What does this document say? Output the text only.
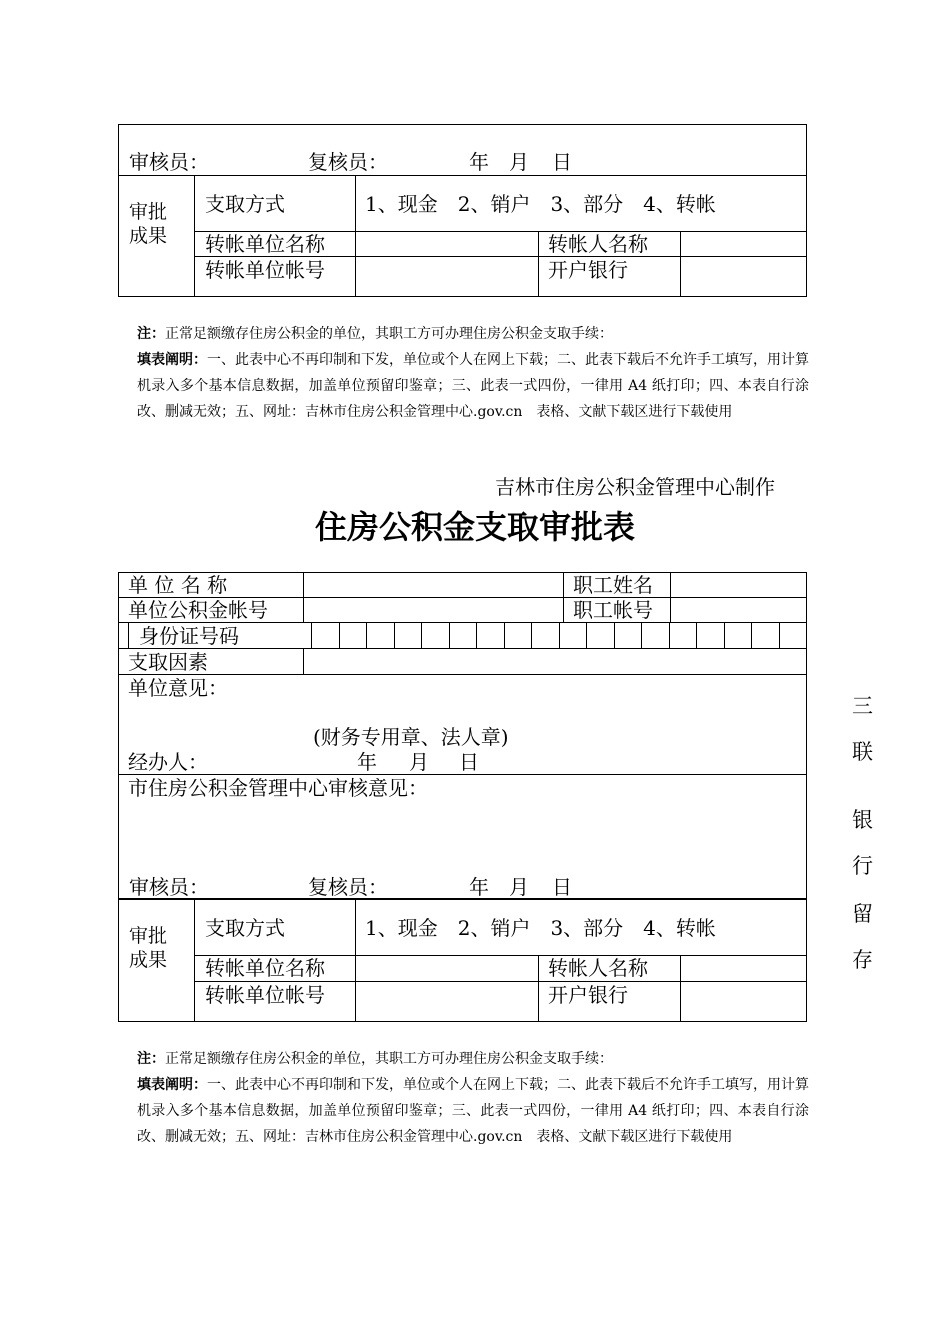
审核员：	复核员：	年 月 日
审批
成果
支取方式	1、现金　2、销户　3、部分　4、转帐
转帐单位名称	转帐人名称
转帐单位帐号	开户银行
注：正常足额缴存住房公积金的单位，其职工方可办理住房公积金支取手续：
填表阐明：一、此表中心不再印制和下发，单位或个人在网上下载；二、此表下载后不允许手工填写，用计算机录入多个基本信息数据，加盖单位预留印鉴章；三、此表一式四份，一律用 A4 纸打印；四、本表自行涂改、删减无效；五、网址：吉林市住房公积金管理中心.gov.cn　表格、文献下载区进行下载使用
吉林市住房公积金管理中心制作
住房公积金支取审批表
单 位 名 称	职工姓名
单位公积金帐号	职工帐号
身份证号码
支取因素
单位意见：
(财务专用章、法人章)
经办人：	年 月 日
市住房公积金管理中心审核意见：
审核员：	复核员：	年 月 日
审批
成果
支取方式	1、现金　2、销户　3、部分　4、转帐
转帐单位名称	转帐人名称
转帐单位帐号	开户银行
注：正常足额缴存住房公积金的单位，其职工方可办理住房公积金支取手续：
填表阐明：一、此表中心不再印制和下发，单位或个人在网上下载；二、此表下载后不允许手工填写，用计算机录入多个基本信息数据，加盖单位预留印鉴章；三、此表一式四份，一律用 A4 纸打印；四、本表自行涂改、删减无效；五、网址：吉林市住房公积金管理中心.gov.cn　表格、文献下载区进行下载使用
三
联
银
行
留
存
